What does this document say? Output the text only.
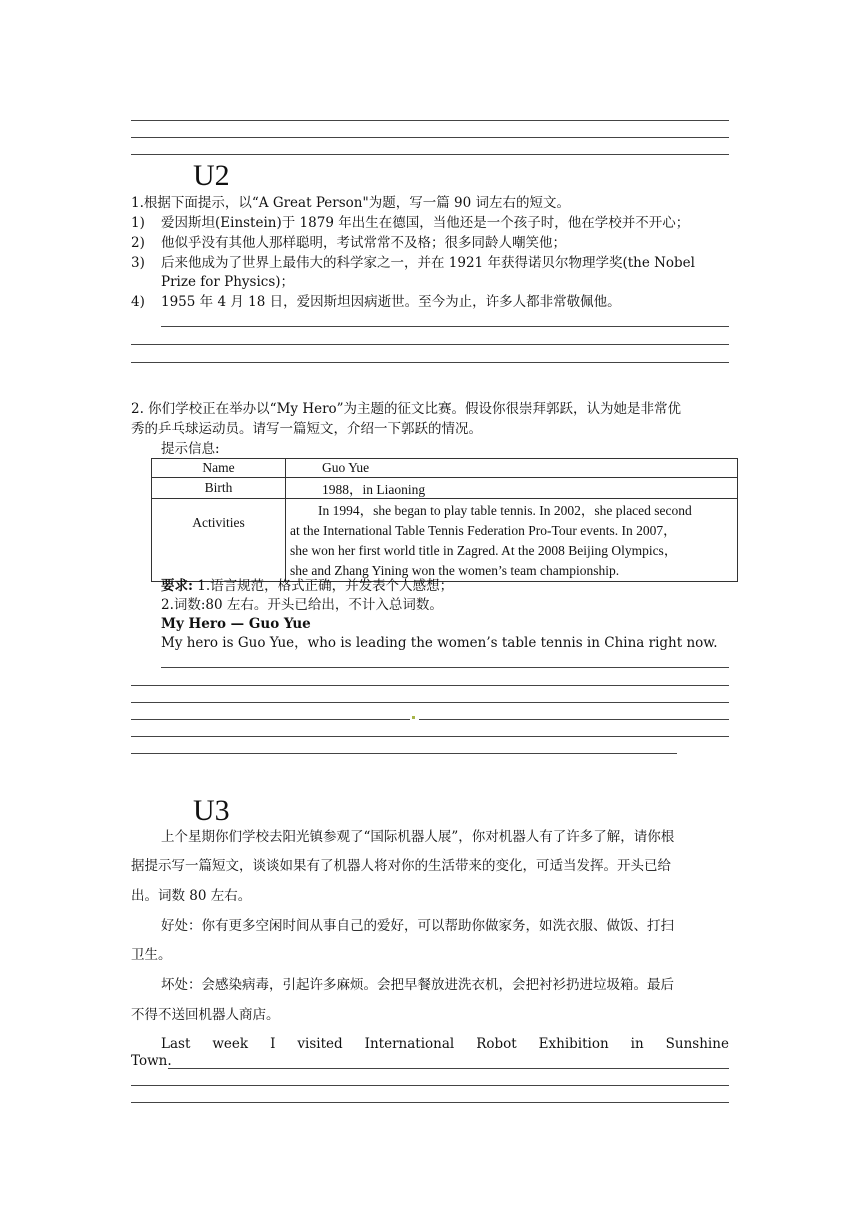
U2
1.根据下面提示，以“A Great Person"为题，写一篇 90 词左右的短文。
1) 爱因斯坦(Einstein)于 1879 年出生在德国，当他还是一个孩子时，他在学校并不开心；
2) 他似乎没有其他人那样聪明，考试常常不及格；很多同龄人嘲笑他；
3) 后来他成为了世界上最伟大的科学家之一，并在 1921 年获得诺贝尔物理学奖(the Nobel
Prize for Physics)；
4) 1955 年 4 月 18 日，爱因斯坦因病逝世。至今为止，许多人都非常敬佩他。
2. 你们学校正在举办以“My Hero”为主题的征文比赛。假设你很崇拜郭跃，认为她是非常优
秀的乒乓球运动员。请写一篇短文，介绍一下郭跃的情况。
提示信息:
Name	Guo Yue
Birth	1988，in Liaoning
Activities	In 1994，she began to play table tennis. In 2002，she placed second
at the International Table Tennis Federation Pro-Tour events. In 2007，
she won her first world title in Zagred. At the 2008 Beijing Olympics，
she and Zhang Yining won the women’s team championship.
要求: 1.语言规范，格式正确，并发表个人感想；
2.词数:80 左右。开头已给出，不计入总词数。
My Hero — Guo Yue
My hero is Guo Yue，who is leading the women’s table tennis in China right now.
U3
上个星期你们学校去阳光镇参观了“国际机器人展”，你对机器人有了许多了解，请你根
据提示写一篇短文，谈谈如果有了机器人将对你的生活带来的变化，可适当发挥。开头已给
出。词数 80 左右。
好处：你有更多空闲时间从事自己的爱好，可以帮助你做家务，如洗衣服、做饭、打扫
卫生。
坏处：会感染病毒，引起许多麻烦。会把早餐放进洗衣机，会把衬衫扔进垃圾箱。最后
不得不送回机器人商店。
Last week I visited International Robot Exhibition in Sunshine
Town.
